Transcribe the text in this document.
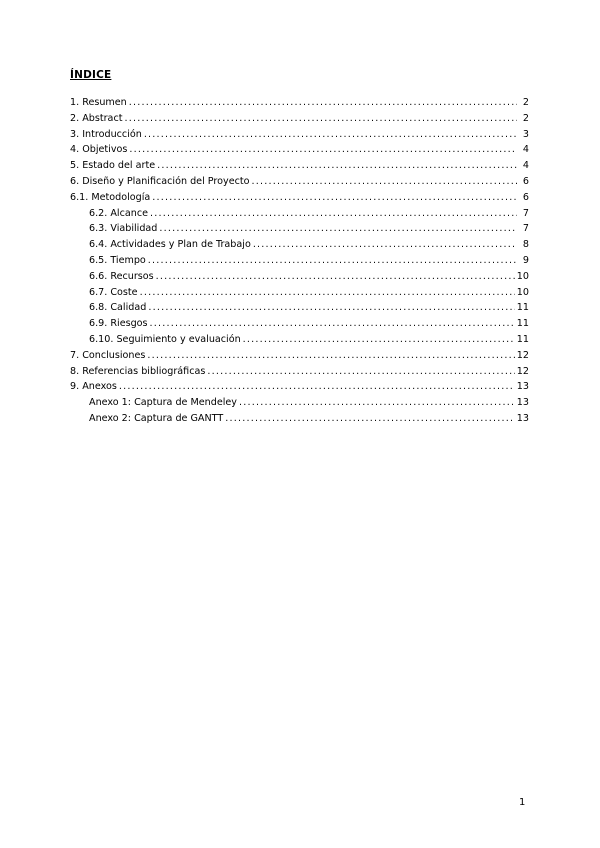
ÍNDICE
1. Resumen .....	2
2. Abstract .....	2
3. Introducción .....	3
4. Objetivos .....	4
5. Estado del arte .....	4
6. Diseño y Planificación del Proyecto .....	6
6.1. Metodología .....	6
6.2. Alcance .....	7
6.3. Viabilidad .....	7
6.4. Actividades y Plan de Trabajo .....	8
6.5. Tiempo .....	9
6.6. Recursos .....	10
6.7. Coste .....	10
6.8. Calidad .....	11
6.9. Riesgos .....	11
6.10. Seguimiento y evaluación .....	11
7. Conclusiones .....	12
8. Referencias bibliográficas .....	12
9. Anexos .....	13
Anexo 1: Captura de Mendeley .....	13
Anexo 2: Captura de GANTT .....	13
1
